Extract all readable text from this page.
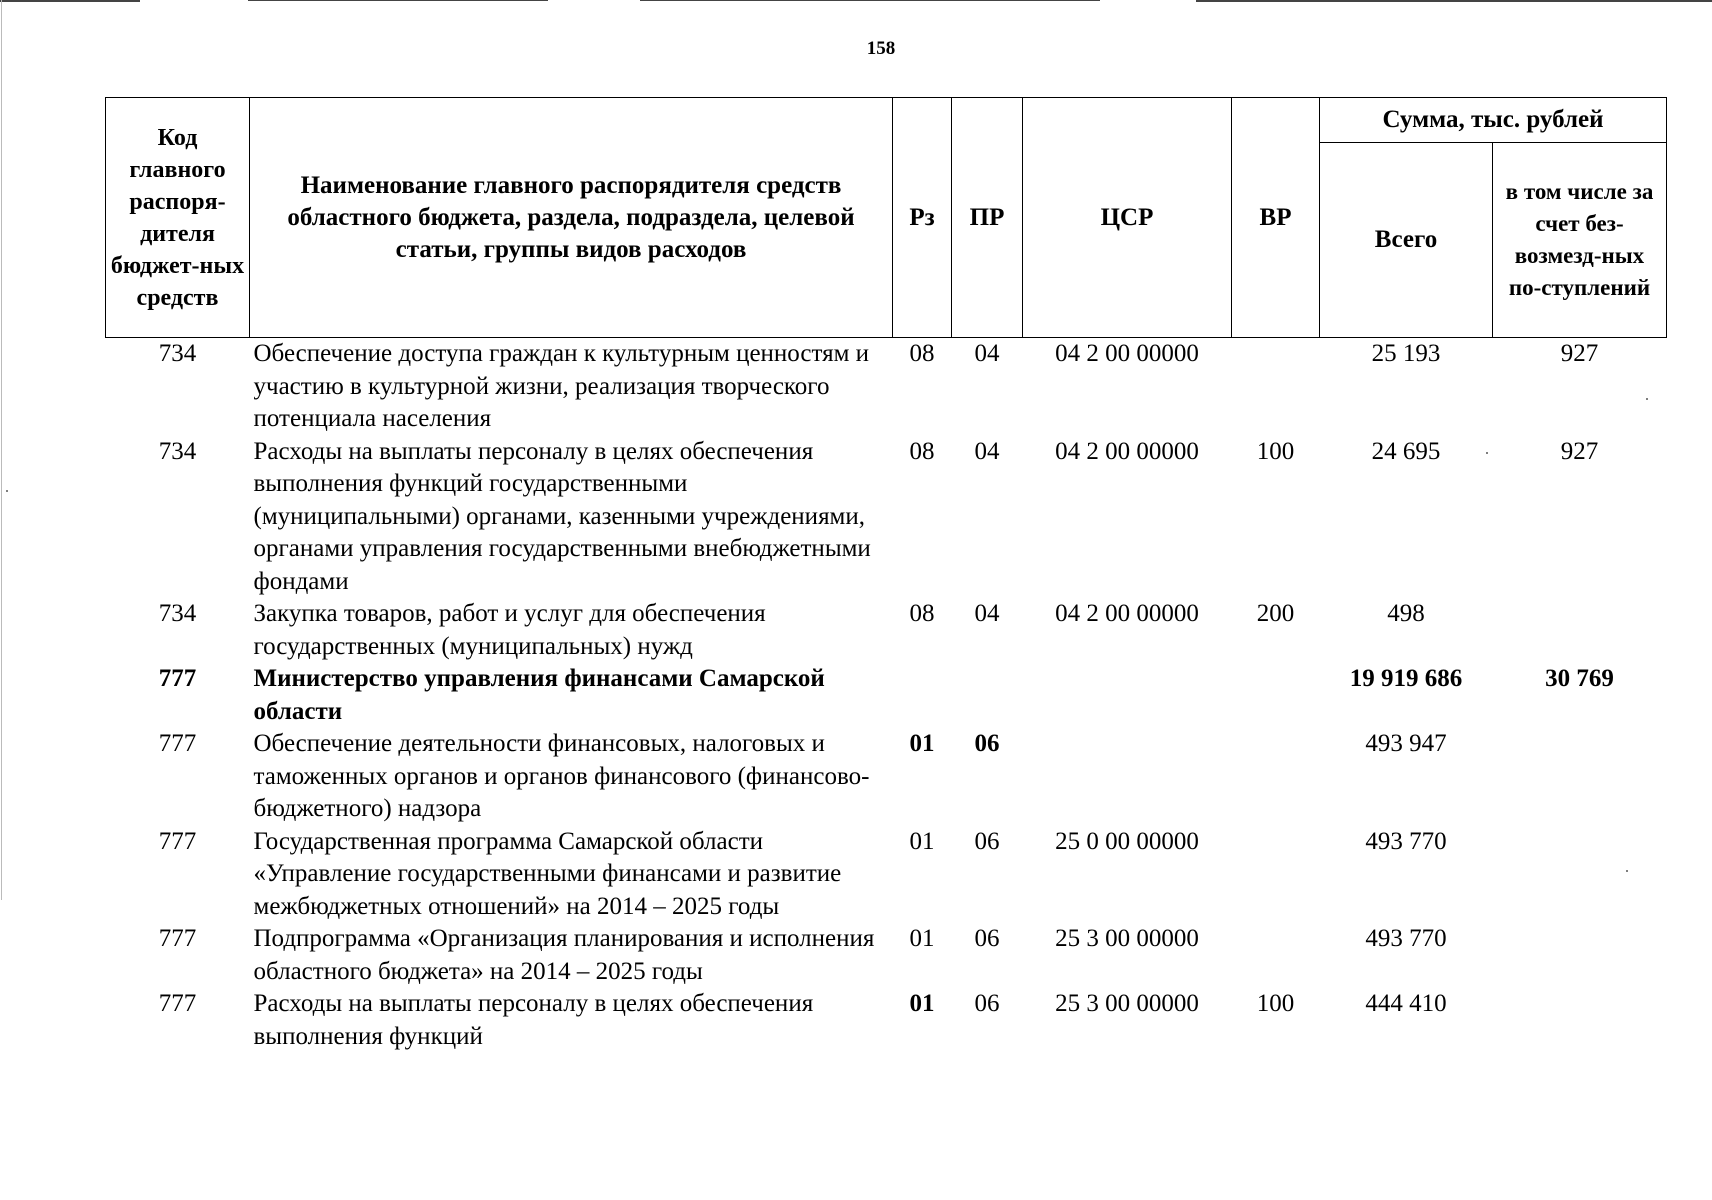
158
Код главного распоря-дителя бюджет-ных средств	Наименование главного распорядителя средств областного бюджета, раздела, подраздела, целевой статьи, группы видов расходов	Рз	ПР	ЦСР	ВР	Сумма, тыс. рублей	
						Всего	в том числе за счет без-возмезд-ных по-ступлений
734	Обеспечение доступа граждан к культурным ценностям и участию в культурной жизни, реализация творческого потенциала населения	08	04	04 2 00 00000		25 193	927
734	Расходы на выплаты персоналу в целях обеспечения выполнения функций государственными (муниципальными) органами, казенными учреждениями, органами управления государственными внебюджетными фондами	08	04	04 2 00 00000	100	24 695	927
734	Закупка товаров, работ и услуг для обеспечения государственных (муниципальных) нужд	08	04	04 2 00 00000	200	498	
777	Министерство управления финансами Самарской области					19 919 686	30 769
777	Обеспечение деятельности финансовых, налоговых и таможенных органов и органов финансового (финансово-бюджетного) надзора	01	06			493 947	
777	Государственная программа Самарской области «Управление государственными финансами и развитие межбюджетных отношений» на 2014 – 2025 годы	01	06	25 0 00 00000		493 770	
777	Подпрограмма «Организация планирования и исполнения областного бюджета» на 2014 – 2025 годы	01	06	25 3 00 00000		493 770	
777	Расходы на выплаты персоналу в целях обеспечения выполнения функций	01	06	25 3 00 00000	100	444 410	
